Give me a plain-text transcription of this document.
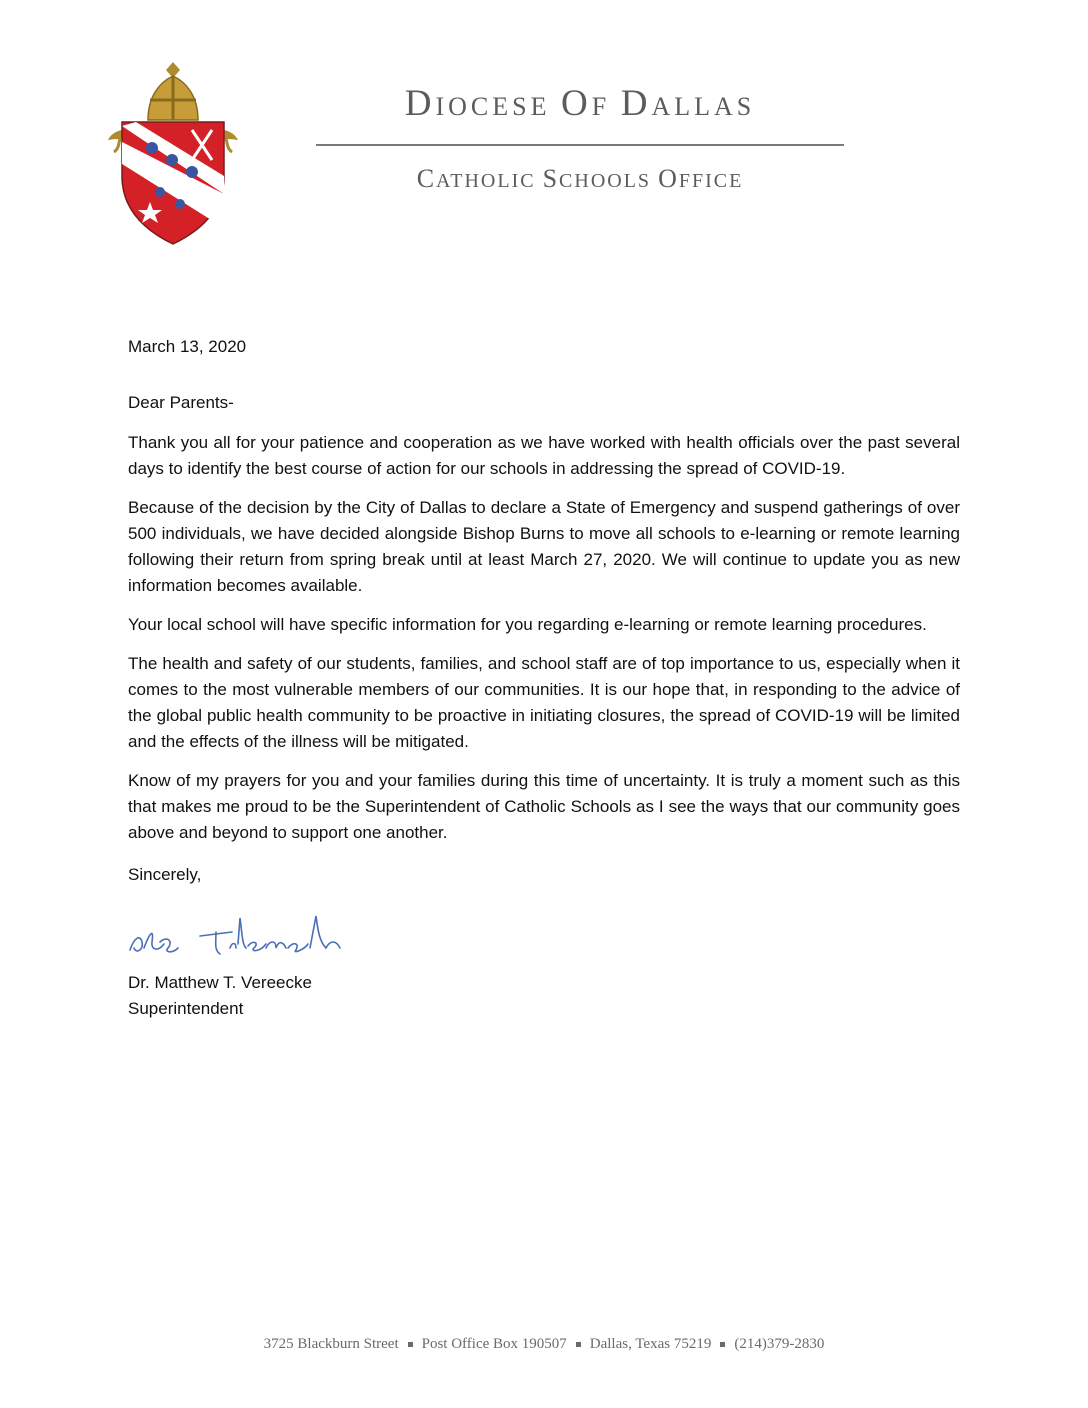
DIOCESE OF DALLAS
CATHOLIC SCHOOLS OFFICE

March 13, 2020

Dear Parents-

Thank you all for your patience and cooperation as we have worked with health officials over the past several days to identify the best course of action for our schools in addressing the spread of COVID-19.

Because of the decision by the City of Dallas to declare a State of Emergency and suspend gatherings of over 500 individuals, we have decided alongside Bishop Burns to move all schools to e-learning or remote learning following their return from spring break until at least March 27, 2020. We will continue to update you as new information becomes available.

Your local school will have specific information for you regarding e-learning or remote learning procedures.

The health and safety of our students, families, and school staff are of top importance to us, especially when it comes to the most vulnerable members of our communities. It is our hope that, in responding to the advice of the global public health community to be proactive in initiating closures, the spread of COVID-19 will be limited and the effects of the illness will be mitigated.

Know of my prayers for you and your families during this time of uncertainty. It is truly a moment such as this that makes me proud to be the Superintendent of Catholic Schools as I see the ways that our community goes above and beyond to support one another.

Sincerely,

Dr. Matthew T. Vereecke
Superintendent
3725 Blackburn Street Post Office Box 190507 Dallas, Texas 75219 (214)379-2830
